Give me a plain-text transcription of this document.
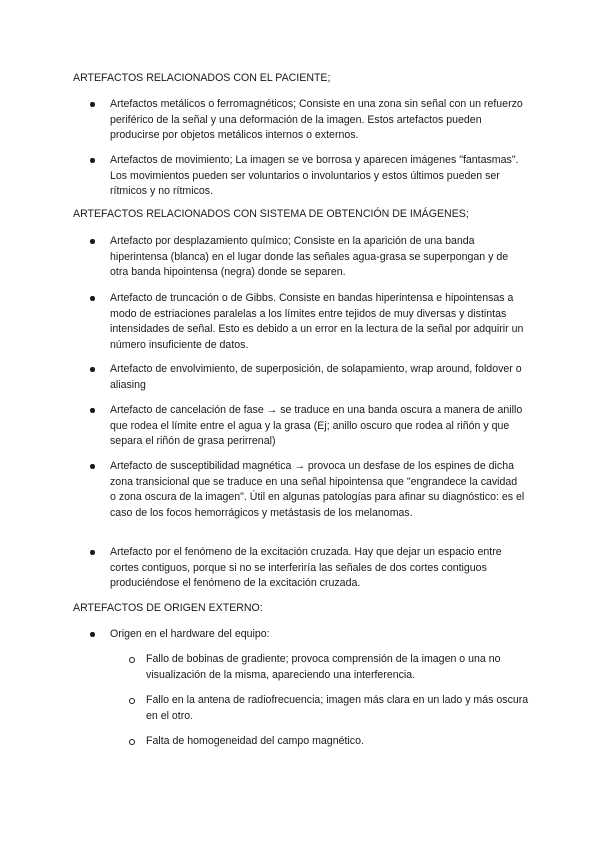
ARTEFACTOS RELACIONADOS CON EL PACIENTE;
Artefactos metálicos o ferromagnéticos; Consiste en una zona sin señal con un refuerzo periférico de la señal y una deformación de la imagen. Estos artefactos pueden producirse por objetos metálicos internos o externos.
Artefactos de movimiento; La imagen se ve borrosa y aparecen imágenes "fantasmas". Los movimientos pueden ser voluntarios o involuntarios y estos últimos pueden ser rítmicos y no rítmicos.
ARTEFACTOS RELACIONADOS CON SISTEMA DE OBTENCIÓN DE IMÁGENES;
Artefacto por desplazamiento químico; Consiste en la aparición de una banda hiperintensa (blanca) en el lugar donde las señales agua-grasa se superpongan y de otra banda hipointensa (negra) donde se separen.
Artefacto de truncación o de Gibbs. Consiste en bandas hiperintensa e hipointensas a modo de estriaciones paralelas a los límites entre tejidos de muy diversas y distintas intensidades de señal. Esto es debido a un error en la lectura de la señal por adquirir un número insuficiente de datos.
Artefacto de envolvimiento, de superposición, de solapamiento, wrap around, foldover o aliasing
Artefacto de cancelación de fase → se traduce en una banda oscura a manera de anillo que rodea el límite entre el agua y la grasa (Ej; anillo oscuro que rodea al riñón y que separa el riñón de grasa perirrenal)
Artefacto de susceptibilidad magnética → provoca un desfase de los espines de dicha zona transicional que se traduce en una señal hipointensa que "engrandece la cavidad o zona oscura de la imagen". Útil en algunas patologías para afinar su diagnóstico: es el caso de los focos hemorrágicos y metástasis de los melanomas.
Artefacto por el fenómeno de la excitación cruzada. Hay que dejar un espacio entre cortes contiguos, porque si no se interferiría las señales de dos cortes contiguos produciéndose el fenómeno de la excitación cruzada.
ARTEFACTOS DE ORIGEN EXTERNO:
Origen en el hardware del equipo:
Fallo de bobinas de gradiente; provoca comprensión de la imagen o una no visualización de la misma, apareciendo una interferencia.
Fallo en la antena de radiofrecuencia; imagen más clara en un lado y más oscura en el otro.
Falta de homogeneidad del campo magnético.
